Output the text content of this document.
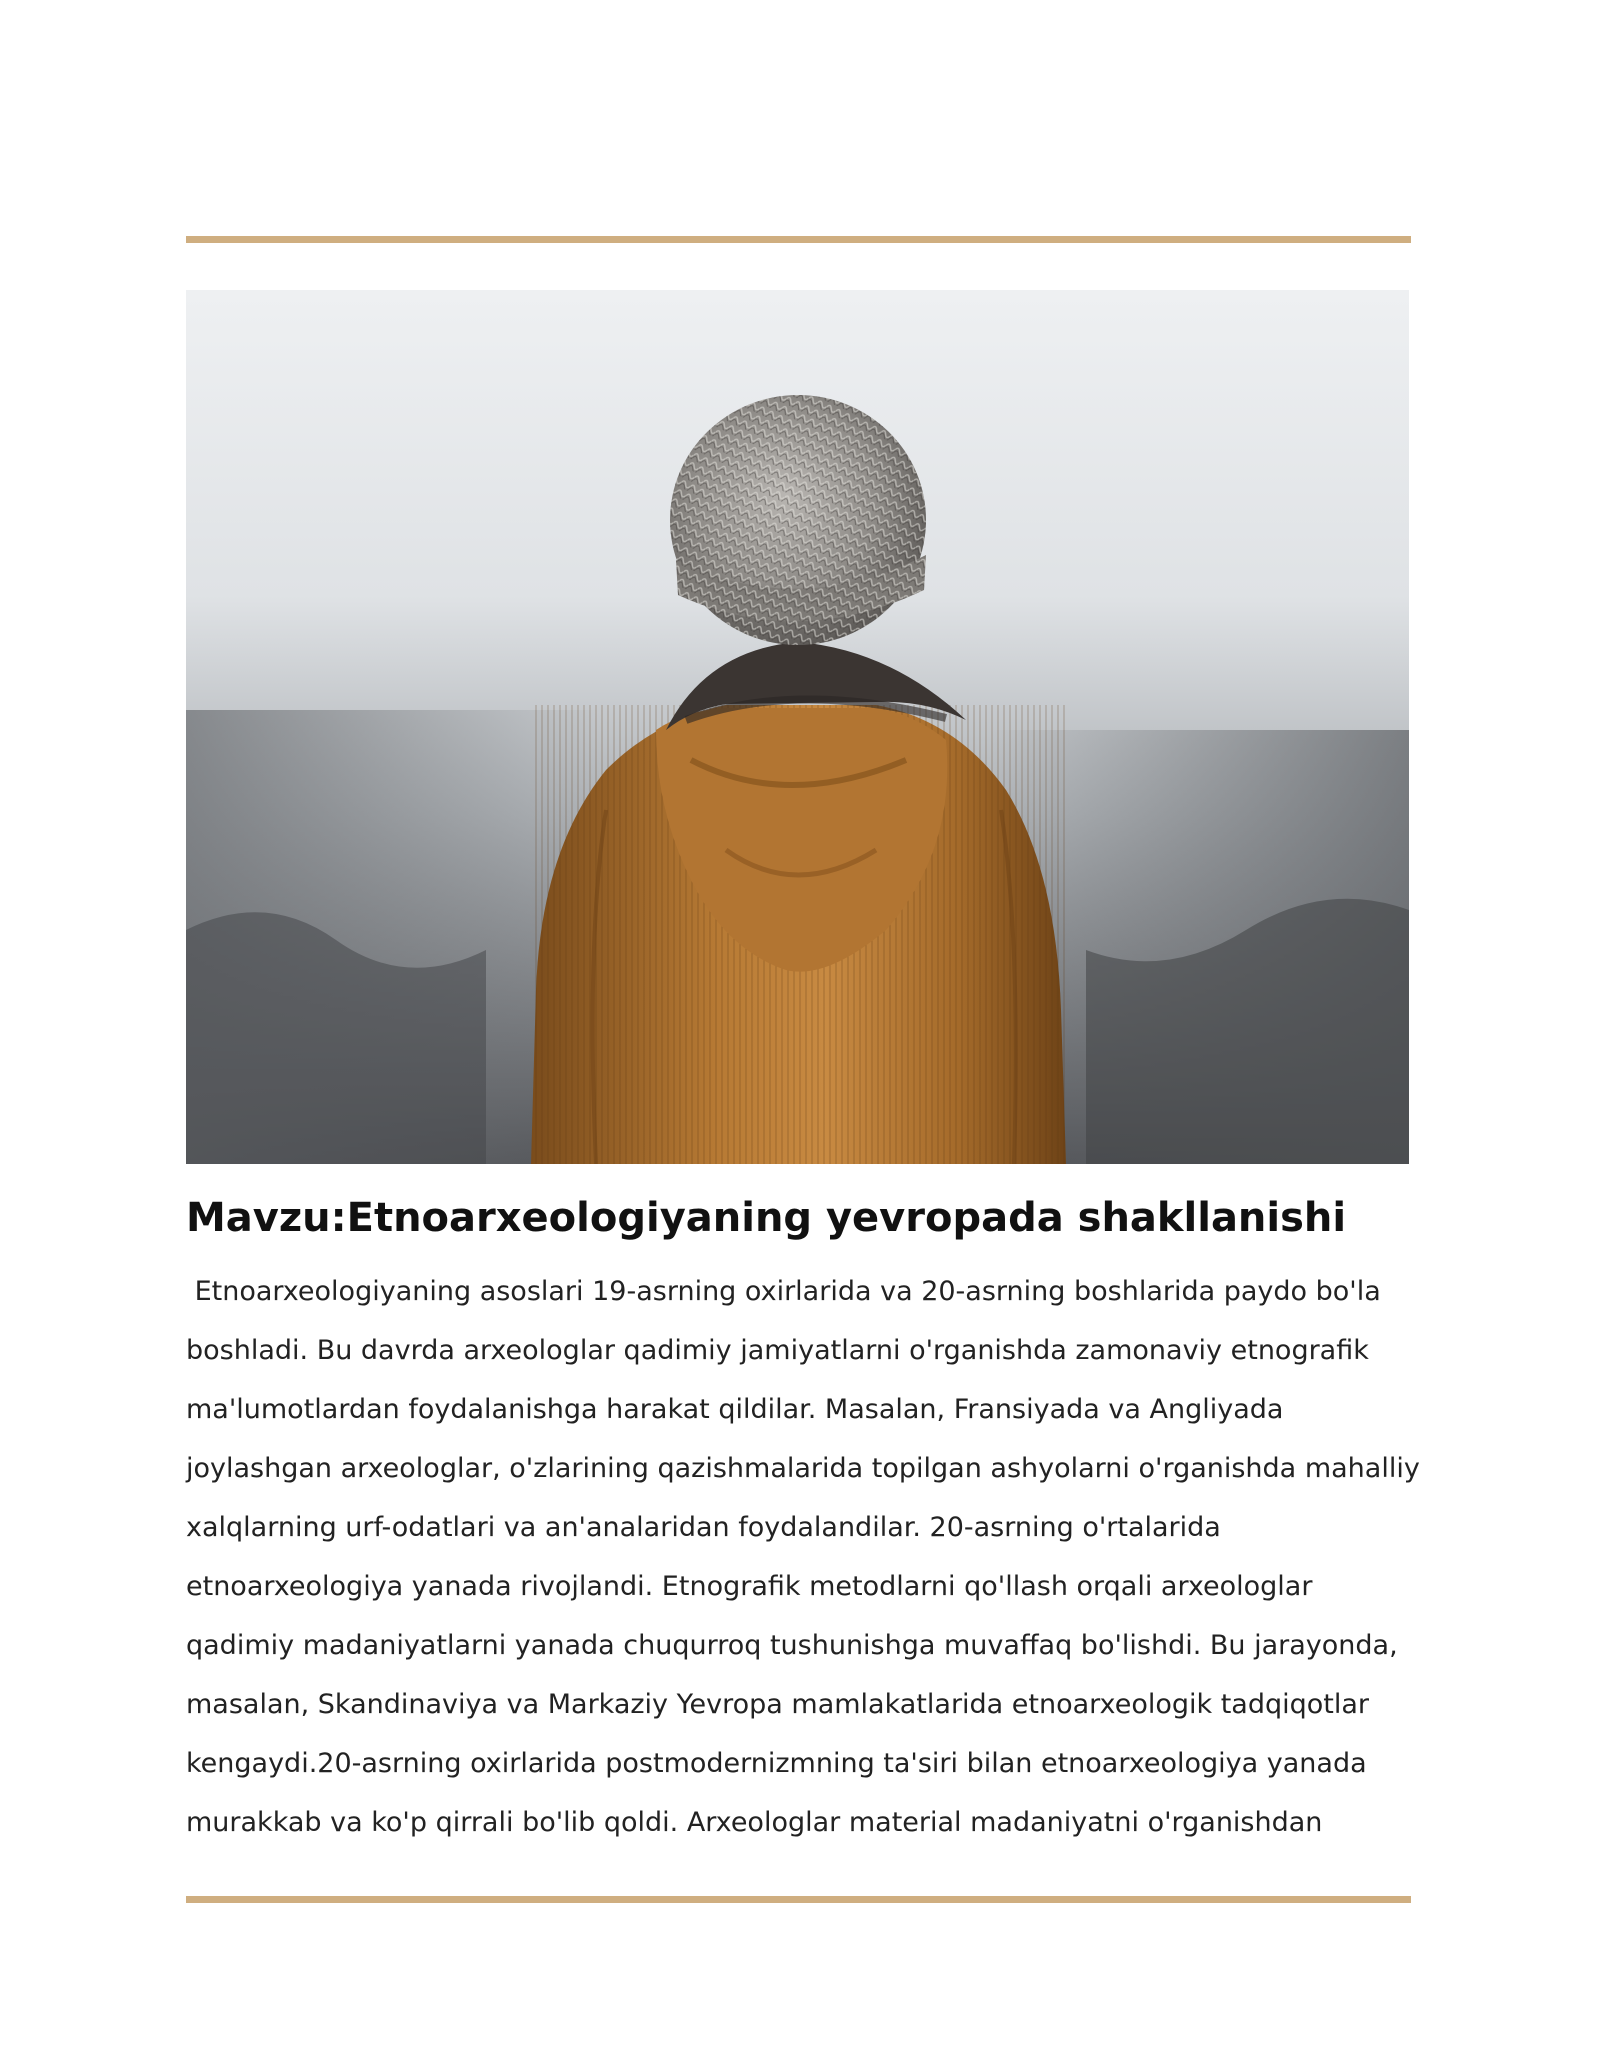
Mavzu:Etnoarxeologiyaning yevropada shakllanishi
Etnoarxeologiyaning asoslari 19-asrning oxirlarida va 20-asrning boshlarida paydo bo'la
boshladi. Bu davrda arxeologlar qadimiy jamiyatlarni o'rganishda zamonaviy etnografik
ma'lumotlardan foydalanishga harakat qildilar. Masalan, Fransiyada va Angliyada
joylashgan arxeologlar, o'zlarining qazishmalarida topilgan ashyolarni o'rganishda mahalliy
xalqlarning urf-odatlari va an'analaridan foydalandilar. 20-asrning o'rtalarida
etnoarxeologiya yanada rivojlandi. Etnografik metodlarni qo'llash orqali arxeologlar
qadimiy madaniyatlarni yanada chuqurroq tushunishga muvaffaq bo'lishdi. Bu jarayonda,
masalan, Skandinaviya va Markaziy Yevropa mamlakatlarida etnoarxeologik tadqiqotlar
kengaydi.20-asrning oxirlarida postmodernizmning ta'siri bilan etnoarxeologiya yanada
murakkab va ko'p qirrali bo'lib qoldi. Arxeologlar material madaniyatni o'rganishdan
